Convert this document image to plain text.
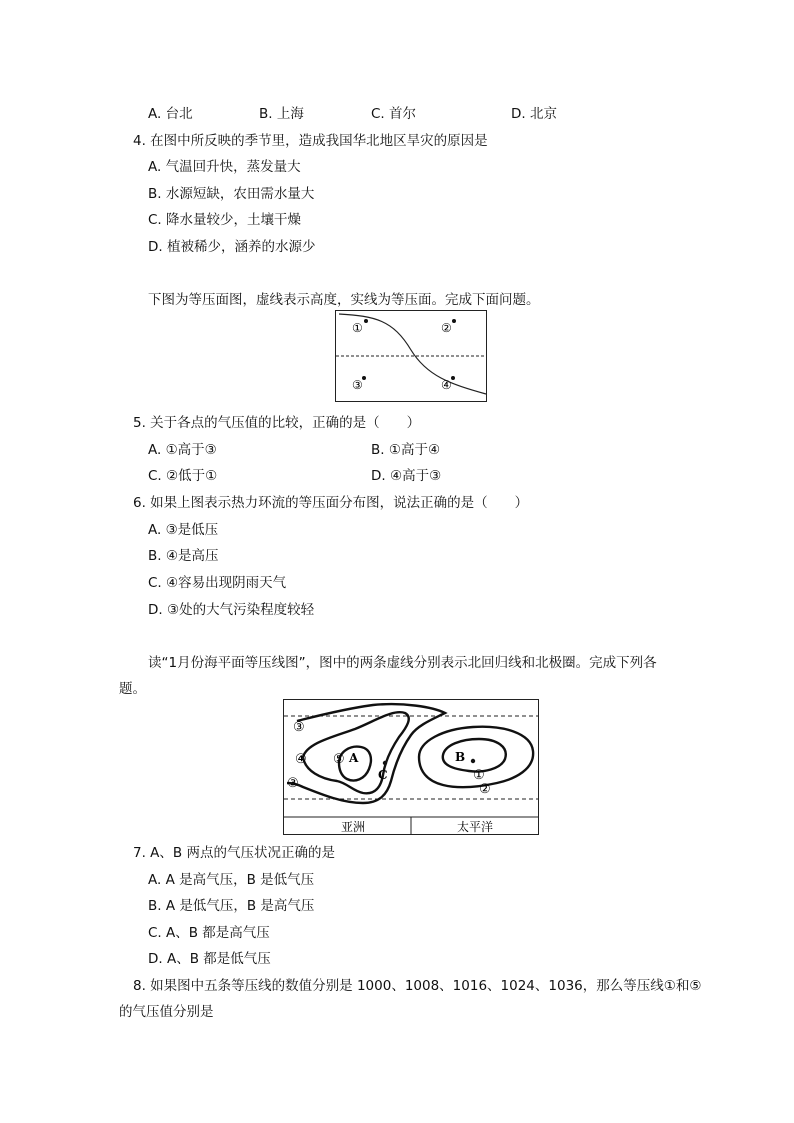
A. 台北	B. 上海	C. 首尔	D. 北京
4. 在图中所反映的季节里，造成我国华北地区旱灾的原因是
A. 气温回升快，蒸发量大
B. 水源短缺，农田需水量大
C. 降水量较少，土壤干燥
D. 植被稀少，涵养的水源少
下图为等压面图，虚线表示高度，实线为等压面。完成下面问题。
①	②
③	④
5. 关于各点的气压值的比较，正确的是（　　）
A. ①高于③	B. ①高于④
C. ②低于①	D. ④高于③
6. 如果上图表示热力环流的等压面分布图，说法正确的是（　　）
A. ③是低压
B. ④是高压
C. ④容易出现阴雨天气
D. ③处的大气污染程度较轻
读“1月份海平面等压线图”，图中的两条虚线分别表示北回归线和北极圈。完成下列各
题。
③
④ ⑤ A
C
③
B
①
②
亚洲	太平洋
7. A、B 两点的气压状况正确的是
A. A 是高气压，B 是低气压
B. A 是低气压，B 是高气压
C. A、B 都是高气压
D. A、B 都是低气压
8. 如果图中五条等压线的数值分别是 1000、1008、1016、1024、1036，那么等压线①和⑤
的气压值分别是
